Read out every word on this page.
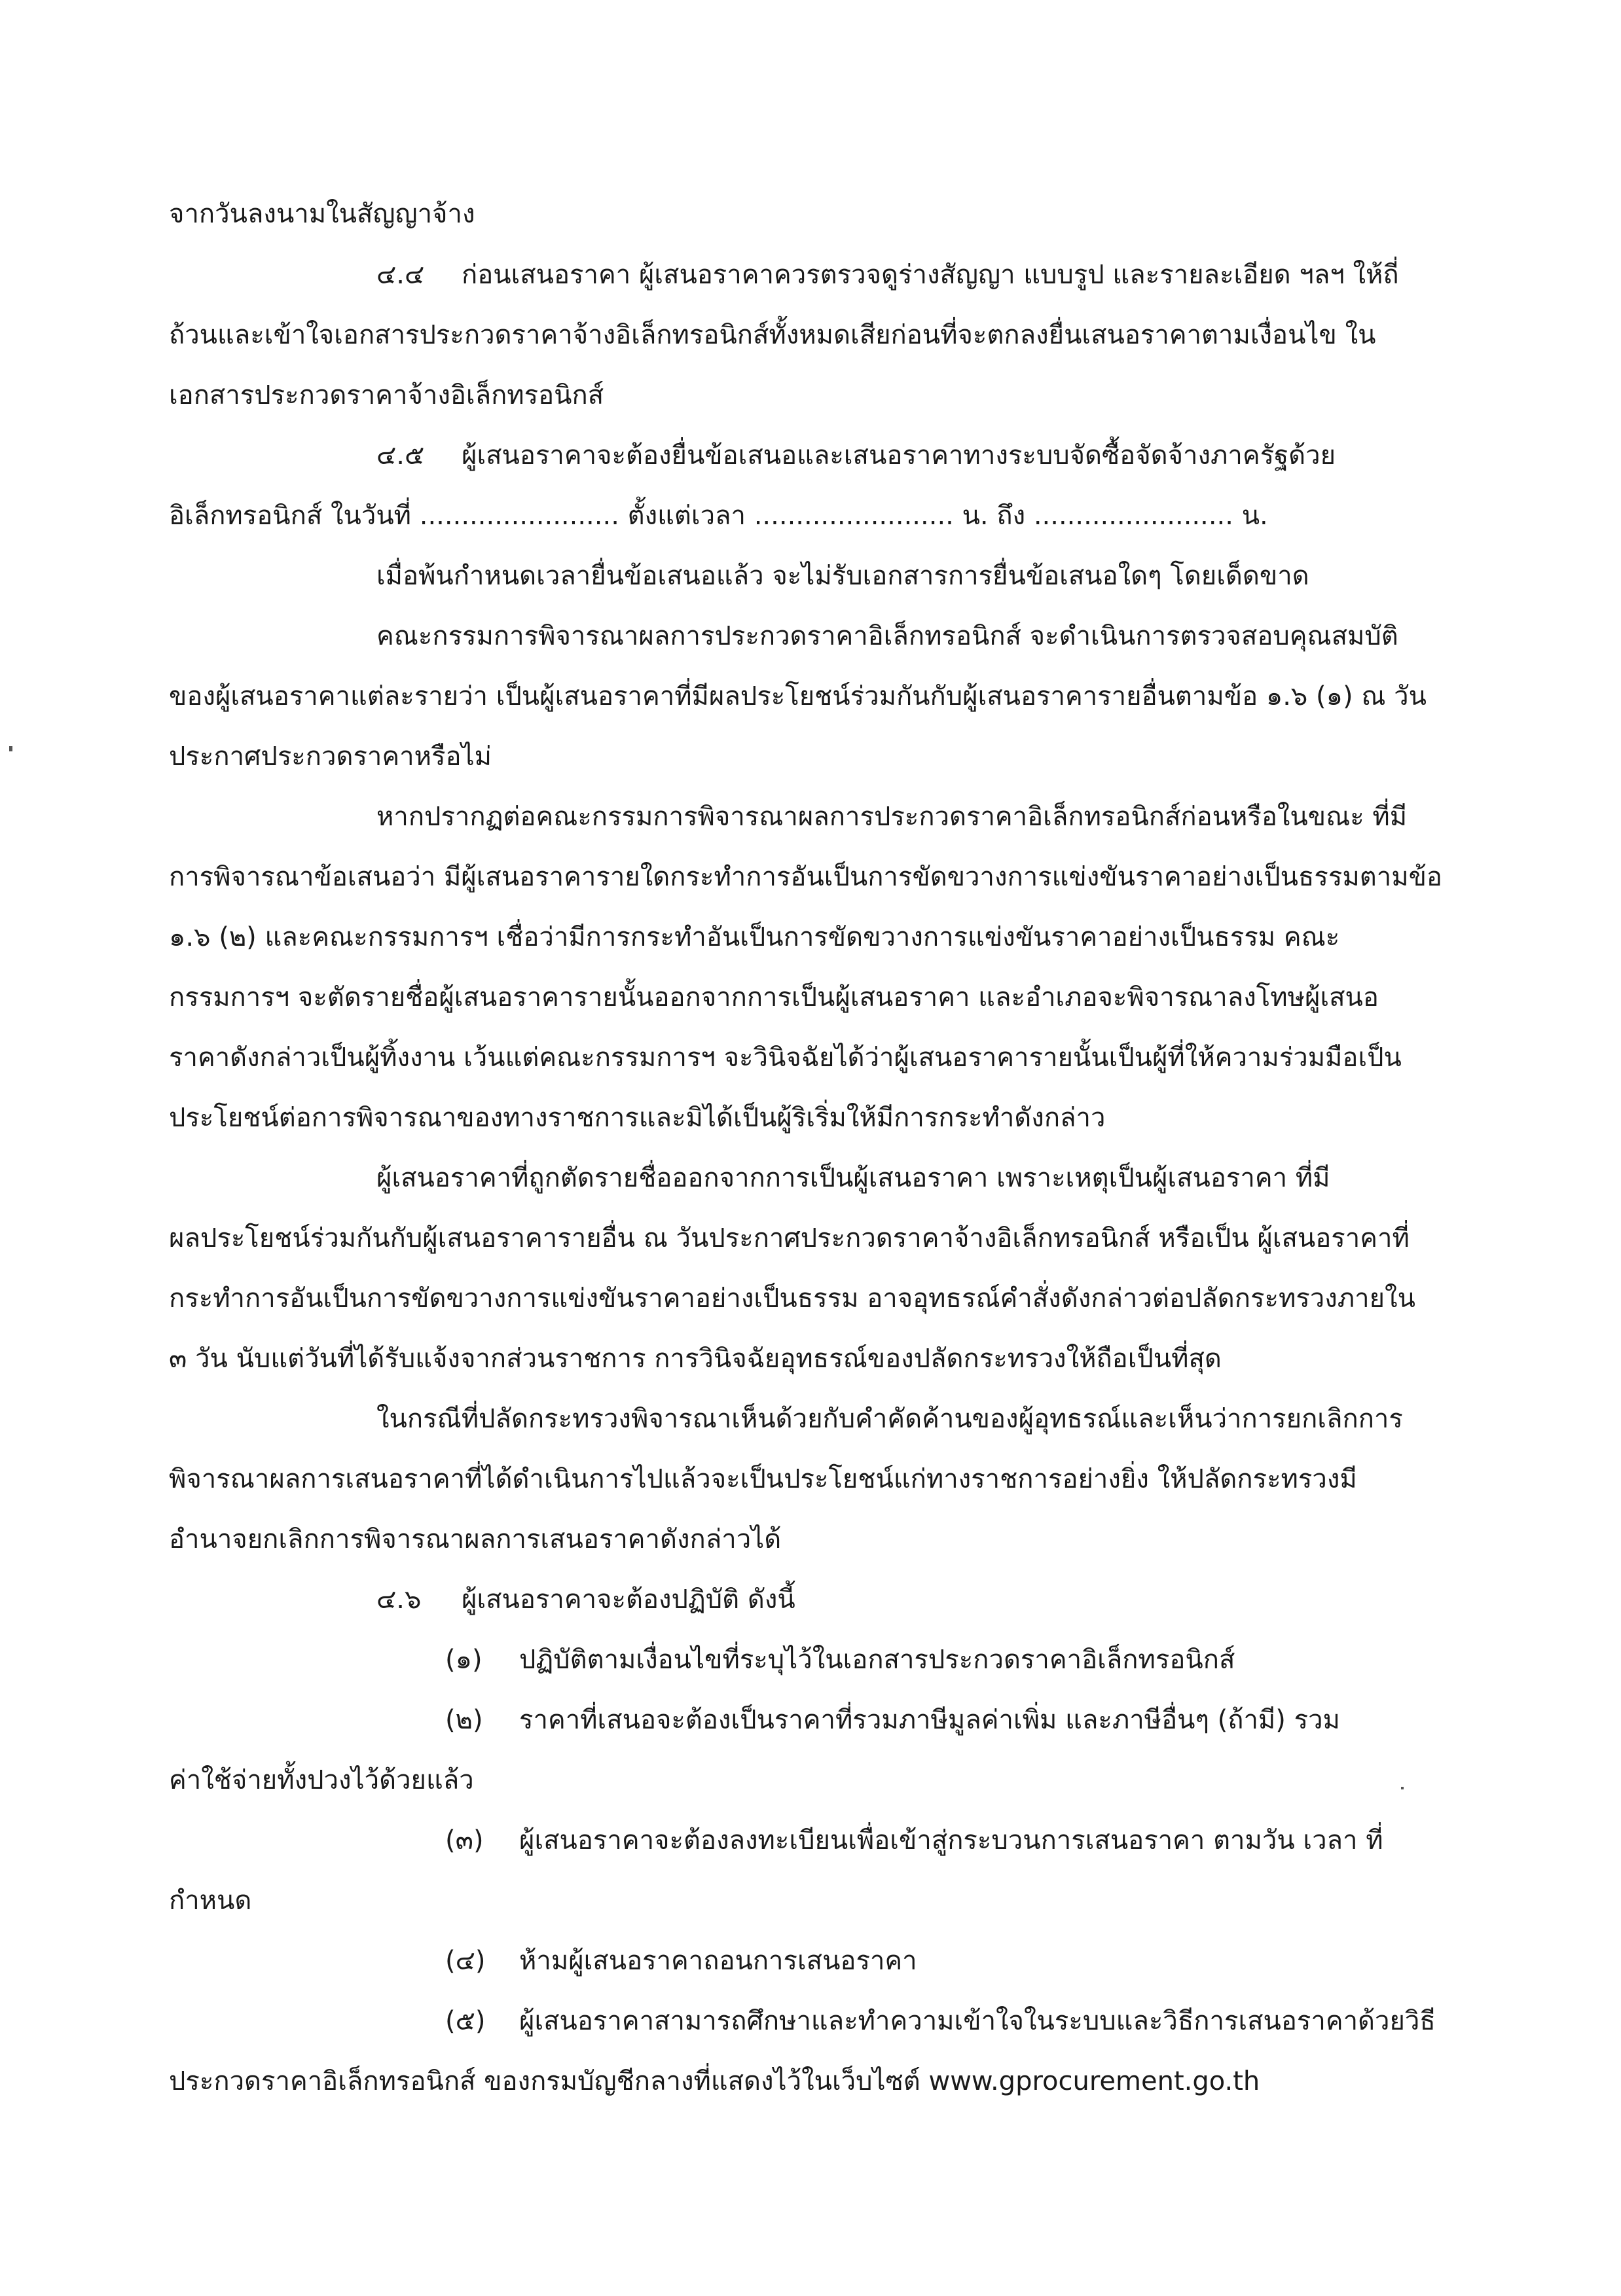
จากวันลงนามในสัญญาจ้าง
๔.๔ ก่อนเสนอราคา ผู้เสนอราคาควรตรวจดูร่างสัญญา แบบรูป และรายละเอียด ฯลฯ ให้ถี่
ถ้วนและเข้าใจเอกสารประกวดราคาจ้างอิเล็กทรอนิกส์ทั้งหมดเสียก่อนที่จะตกลงยื่นเสนอราคาตามเงื่อนไข ใน
เอกสารประกวดราคาจ้างอิเล็กทรอนิกส์
๔.๕ ผู้เสนอราคาจะต้องยื่นข้อเสนอและเสนอราคาทางระบบจัดซื้อจัดจ้างภาครัฐด้วย
อิเล็กทรอนิกส์ ในวันที่ ........................ ตั้งแต่เวลา ........................ น. ถึง ........................ น.
เมื่อพ้นกำหนดเวลายื่นข้อเสนอแล้ว จะไม่รับเอกสารการยื่นข้อเสนอใดๆ โดยเด็ดขาด
คณะกรรมการพิจารณาผลการประกวดราคาอิเล็กทรอนิกส์ จะดำเนินการตรวจสอบคุณสมบัติ
ของผู้เสนอราคาแต่ละรายว่า เป็นผู้เสนอราคาที่มีผลประโยชน์ร่วมกันกับผู้เสนอราคารายอื่นตามข้อ ๑.๖ (๑) ณ วัน
ประกาศประกวดราคาหรือไม่
หากปรากฏต่อคณะกรรมการพิจารณาผลการประกวดราคาอิเล็กทรอนิกส์ก่อนหรือในขณะ ที่มี
การพิจารณาข้อเสนอว่า มีผู้เสนอราคารายใดกระทำการอันเป็นการขัดขวางการแข่งขันราคาอย่างเป็นธรรมตามข้อ
๑.๖ (๒) และคณะกรรมการฯ เชื่อว่ามีการกระทำอันเป็นการขัดขวางการแข่งขันราคาอย่างเป็นธรรม คณะ
กรรมการฯ จะตัดรายชื่อผู้เสนอราคารายนั้นออกจากการเป็นผู้เสนอราคา และอำเภอจะพิจารณาลงโทษผู้เสนอ
ราคาดังกล่าวเป็นผู้ทิ้งงาน เว้นแต่คณะกรรมการฯ จะวินิจฉัยได้ว่าผู้เสนอราคารายนั้นเป็นผู้ที่ให้ความร่วมมือเป็น
ประโยชน์ต่อการพิจารณาของทางราชการและมิได้เป็นผู้ริเริ่มให้มีการกระทำดังกล่าว
ผู้เสนอราคาที่ถูกตัดรายชื่อออกจากการเป็นผู้เสนอราคา เพราะเหตุเป็นผู้เสนอราคา ที่มี
ผลประโยชน์ร่วมกันกับผู้เสนอราคารายอื่น ณ วันประกาศประกวดราคาจ้างอิเล็กทรอนิกส์ หรือเป็น ผู้เสนอราคาที่
กระทำการอันเป็นการขัดขวางการแข่งขันราคาอย่างเป็นธรรม อาจอุทธรณ์คำสั่งดังกล่าวต่อปลัดกระทรวงภายใน
๓ วัน นับแต่วันที่ได้รับแจ้งจากส่วนราชการ การวินิจฉัยอุทธรณ์ของปลัดกระทรวงให้ถือเป็นที่สุด
ในกรณีที่ปลัดกระทรวงพิจารณาเห็นด้วยกับคำคัดค้านของผู้อุทธรณ์และเห็นว่าการยกเลิกการ
พิจารณาผลการเสนอราคาที่ได้ดำเนินการไปแล้วจะเป็นประโยชน์แก่ทางราชการอย่างยิ่ง ให้ปลัดกระทรวงมี
อำนาจยกเลิกการพิจารณาผลการเสนอราคาดังกล่าวได้
๔.๖ ผู้เสนอราคาจะต้องปฏิบัติ ดังนี้
(๑) ปฏิบัติตามเงื่อนไขที่ระบุไว้ในเอกสารประกวดราคาอิเล็กทรอนิกส์
(๒) ราคาที่เสนอจะต้องเป็นราคาที่รวมภาษีมูลค่าเพิ่ม และภาษีอื่นๆ (ถ้ามี) รวม
ค่าใช้จ่ายทั้งปวงไว้ด้วยแล้ว
(๓) ผู้เสนอราคาจะต้องลงทะเบียนเพื่อเข้าสู่กระบวนการเสนอราคา ตามวัน เวลา ที่
กำหนด
(๔) ห้ามผู้เสนอราคาถอนการเสนอราคา
(๕) ผู้เสนอราคาสามารถศึกษาและทำความเข้าใจในระบบและวิธีการเสนอราคาด้วยวิธี
ประกวดราคาอิเล็กทรอนิกส์ ของกรมบัญชีกลางที่แสดงไว้ในเว็บไซต์ www.gprocurement.go.th
